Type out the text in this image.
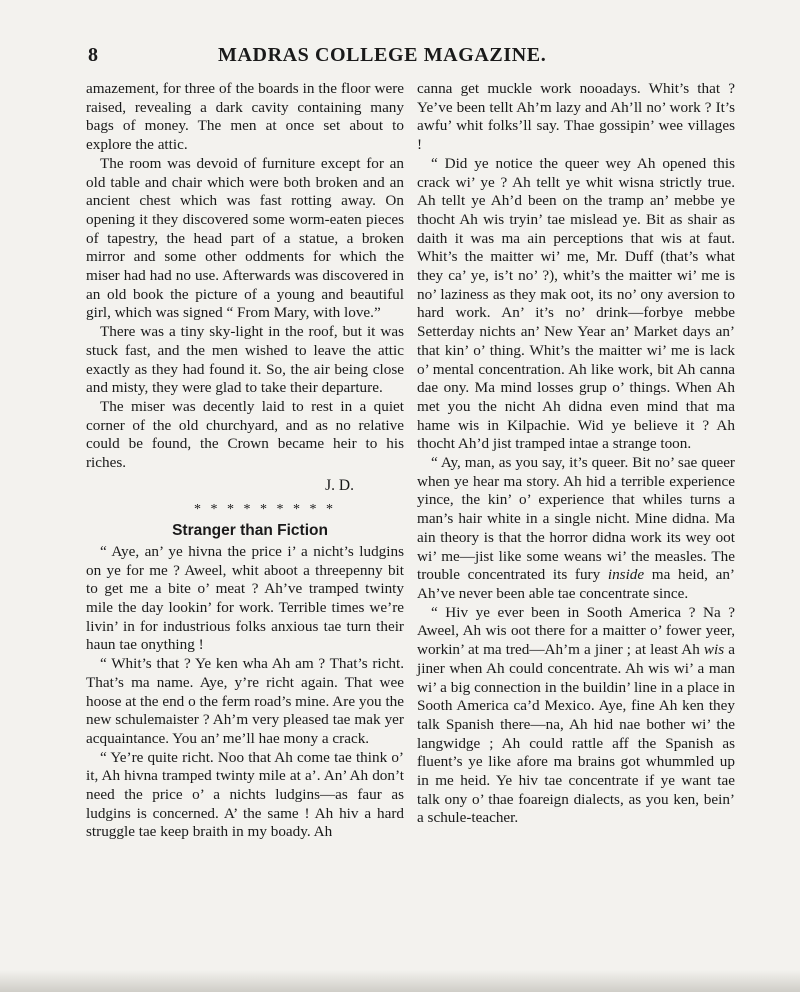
8	MADRAS COLLEGE MAGAZINE.

amazement, for three of the boards in the floor were raised, revealing a dark cavity containing many bags of money. The men at once set about to explore the attic.

The room was devoid of furniture except for an old table and chair which were both broken and an ancient chest which was fast rotting away. On opening it they discovered some worm-eaten pieces of tapestry, the head part of a statue, a broken mirror and some other oddments for which the miser had had no use. Afterwards was discovered in an old book the picture of a young and beautiful girl, which was signed “ From Mary, with love.”

There was a tiny sky-light in the roof, but it was stuck fast, and the men wished to leave the attic exactly as they had found it. So, the air being close and misty, they were glad to take their departure.

The miser was decently laid to rest in a quiet corner of the old churchyard, and as no relative could be found, the Crown became heir to his riches.

J. D.
* * * * * * * * *
Stranger than Fiction

“ Aye, an’ ye hivna the price i’ a nicht’s ludgins on ye for me ? Aweel, whit aboot a threepenny bit to get me a bite o’ meat ? Ah’ve tramped twinty mile the day lookin’ for work. Terrible times we’re livin’ in for industrious folks anxious tae turn their haun tae onything !

“ Whit’s that ? Ye ken wha Ah am ? That’s richt. That’s ma name. Aye, y’re richt again. That wee hoose at the end o the ferm road’s mine. Are you the new schulemaister ? Ah’m very pleased tae mak yer acquaintance. You an’ me’ll hae mony a crack.

“ Ye’re quite richt. Noo that Ah come tae think o’ it, Ah hivna tramped twinty mile at a’. An’ Ah don’t need the price o’ a nichts ludgins—as faur as ludgins is concerned. A’ the same ! Ah hiv a hard struggle tae keep braith in my boady. Ah

canna get muckle work nooadays. Whit’s that ? Ye’ve been tellt Ah’m lazy and Ah’ll no’ work ? It’s awfu’ whit folks’ll say. Thae gossipin’ wee villages !

“ Did ye notice the queer wey Ah opened this crack wi’ ye ? Ah tellt ye whit wisna strictly true. Ah tellt ye Ah’d been on the tramp an’ mebbe ye thocht Ah wis tryin’ tae mislead ye. Bit as shair as daith it was ma ain perceptions that wis at faut. Whit’s the maitter wi’ me, Mr. Duff (that’s what they ca’ ye, is’t no’ ?), whit’s the maitter wi’ me is no’ laziness as they mak oot, its no’ ony aversion to hard work. An’ it’s no’ drink—forbye mebbe Setterday nichts an’ New Year an’ Market days an’ that kin’ o’ thing. Whit’s the maitter wi’ me is lack o’ mental concentration. Ah like work, bit Ah canna dae ony. Ma mind losses grup o’ things. When Ah met you the nicht Ah didna even mind that ma hame wis in Kilpachie. Wid ye believe it ? Ah thocht Ah’d jist tramped intae a strange toon.

“ Ay, man, as you say, it’s queer. Bit no’ sae queer when ye hear ma story. Ah hid a terrible experience yince, the kin’ o’ experience that whiles turns a man’s hair white in a single nicht. Mine didna. Ma ain theory is that the horror didna work its wey oot wi’ me—jist like some weans wi’ the measles. The trouble concentrated its fury inside ma heid, an’ Ah’ve never been able tae concentrate since.

“ Hiv ye ever been in Sooth America ? Na ? Aweel, Ah wis oot there for a maitter o’ fower yeer, workin’ at ma tred—Ah’m a jiner ; at least Ah wis a jiner when Ah could concentrate. Ah wis wi’ a man wi’ a big connection in the buildin’ line in a place in Sooth America ca’d Mexico. Aye, fine Ah ken they talk Spanish there—na, Ah hid nae bother wi’ the langwidge ; Ah could rattle aff the Spanish as fluent’s ye like afore ma brains got whummled up in me heid. Ye hiv tae concentrate if ye want tae talk ony o’ thae foareign dialects, as you ken, bein’ a schule-teacher.
